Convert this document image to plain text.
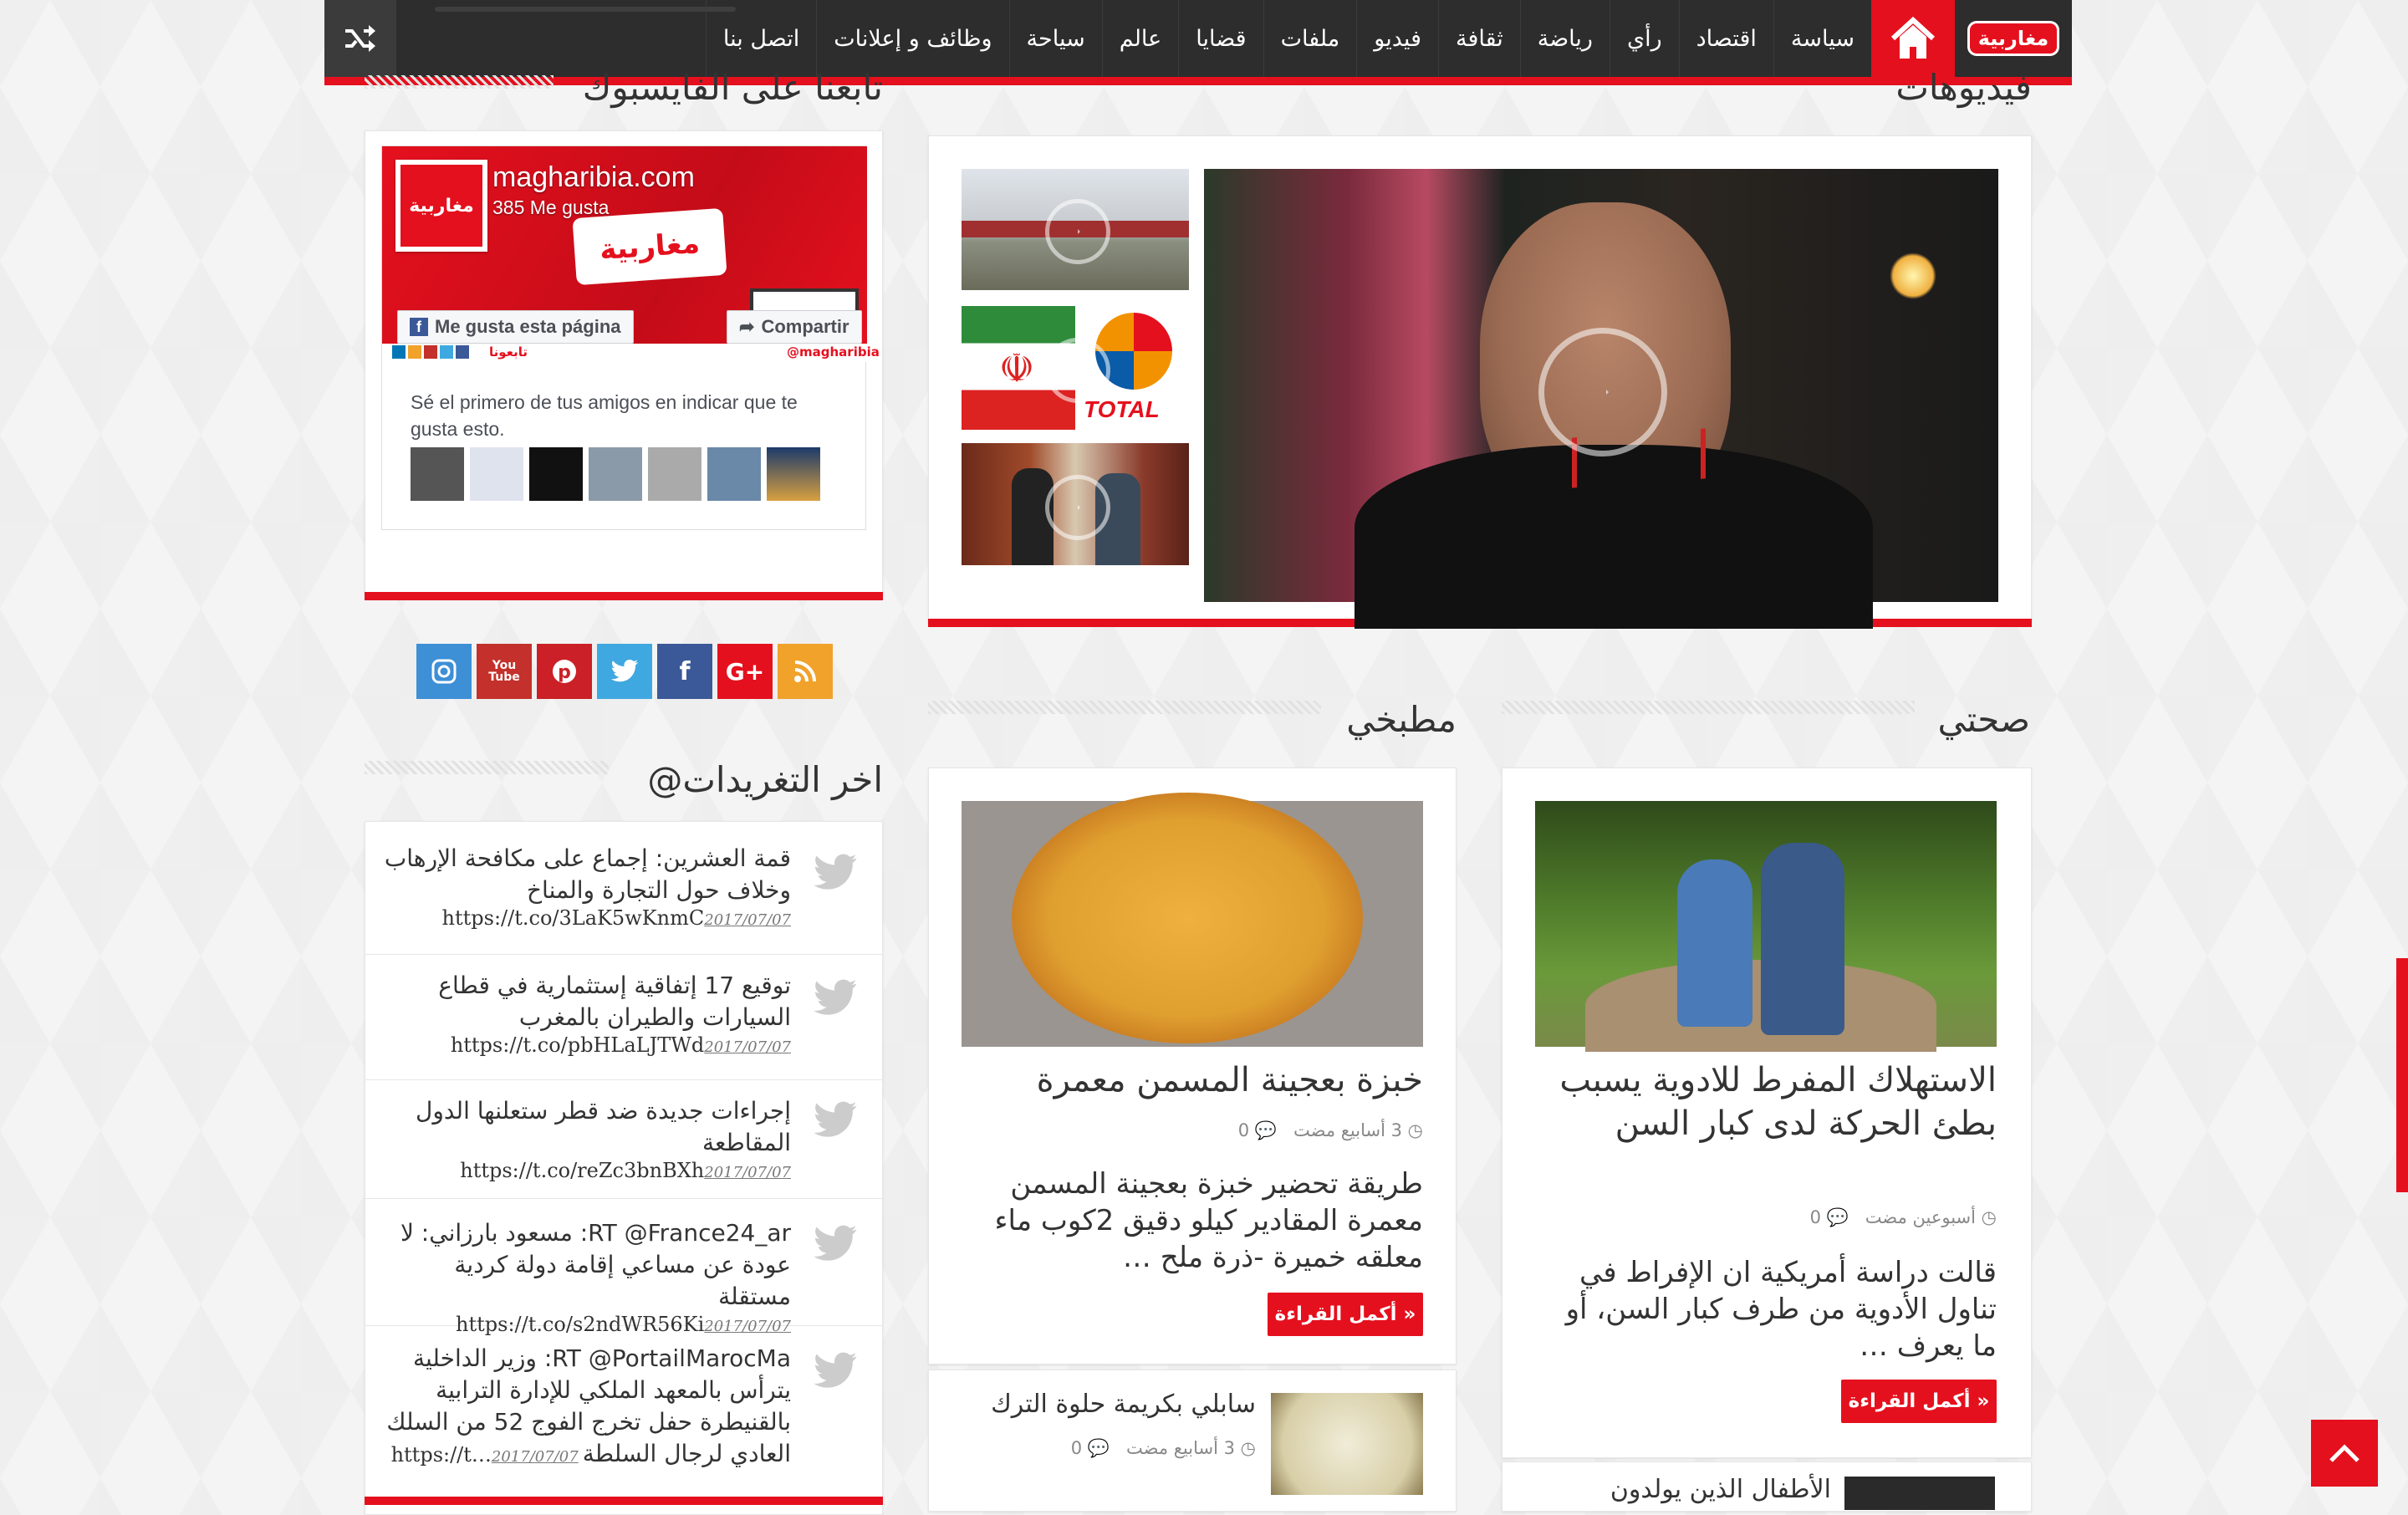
مغاربية
سياسة
اقتصاد
رأي
رياضة
ثقافة
فيديو
ملفات
قضايا
عالم
سياحة
وظائف و إعلانات
اتصل بنا
فيديوهات
☫
TOTAL
تابعنا على الفايسبوك
مغاربية
تابعونا	@magharibia
مغاربية
magharibia.com
385 Me gusta
f Me gusta esta página	➦ Compartir
Sé el primero de tus amigos en indicar que te gusta esto.
You
Tube p	f G+
صحتي
الاستهلاك المفرط للادوية يسبب بطئ الحركة لدى كبار السن
◷ أسبوعين مضت
💬 0
قالت دراسة أمريكية ان الإفراط في تناول الأدوية من طرف كبار السن، أو ما يعرف …
أكمل القراءة »
الأطفال الذين يولدون
مطبخي
خبزة بعجينة المسمن معمرة
◷ 3 أسابيع مضت
💬 0
طريقة تحضير خبزة بعجينة المسمن معمرة المقادير كيلو دقيق 2كوب ماء معلقه خميرة -ذرة ملح …
أكمل القراءة »
سابلي بكريمة حلوة الترك
◷ 3 أسابيع مضت
💬 0
@اخر التغريدات
قمة العشرين: إجماع على مكافحة الإرهاب وخلاف حول التجارة والمناخ https://t.co/3LaK5wKnmC2017/07/07
توقيع 17 إتفاقية إستثمارية في قطاع السيارات والطيران بالمغرب https://t.co/pbHLaLJTWd2017/07/07
إجراءات جديدة ضد قطر ستعلنها الدول المقاطعة https://t.co/reZc3bnBXh2017/07/07
RT @France24_ar: مسعود بارزاني: لا عودة عن مساعي إقامة دولة كردية مستقلة https://t.co/s2ndWR56Ki2017/07/07
RT @PortailMarocMa: وزير الداخلية يترأس بالمعهد الملكي للإدارة الترابية بالقنيطرة حفل تخرج الفوج 52 من السلك العادي لرجال السلطة https://t…2017/07/07
